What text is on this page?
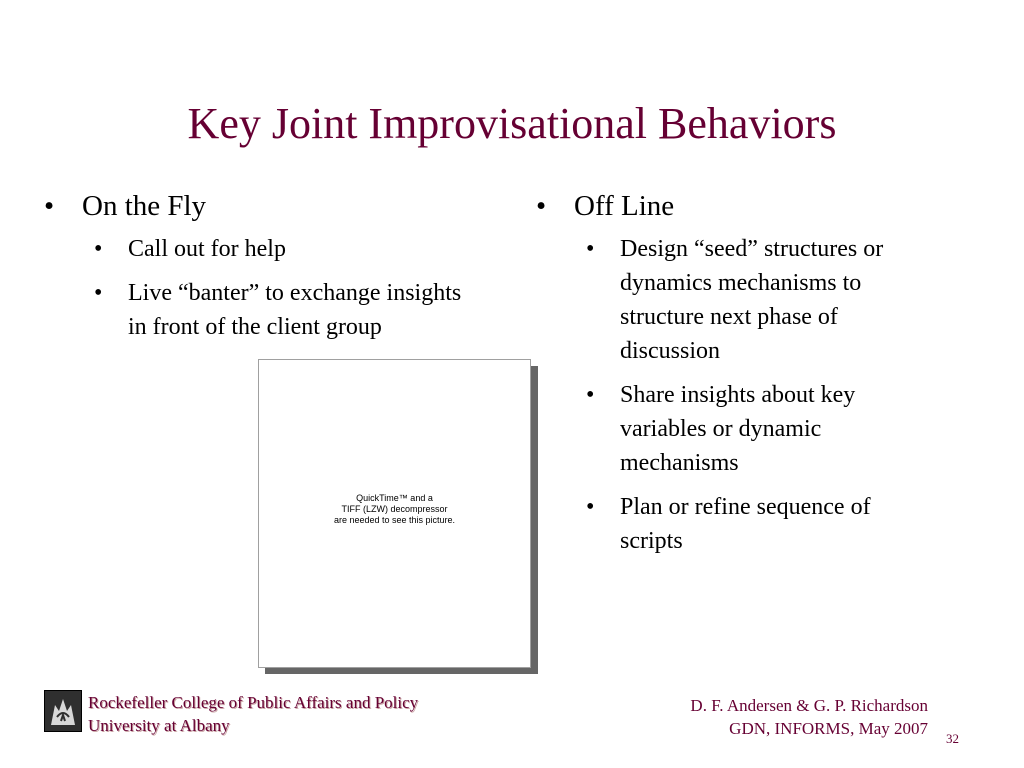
Key Joint Improvisational Behaviors
• On the Fly
•	Call out for help
•	Live “banter” to exchange insights in front of the client group
• Off Line
•	Design “seed” structures or dynamics mechanisms to structure next phase of discussion
•	Share insights about key variables or dynamic mechanisms
•	Plan or refine sequence of scripts
QuickTime™ and a
TIFF (LZW) decompressor
are needed to see this picture.
Rockefeller College of Public Affairs and Policy
University at Albany
D. F. Andersen & G. P. Richardson
GDN, INFORMS, May 2007
32
